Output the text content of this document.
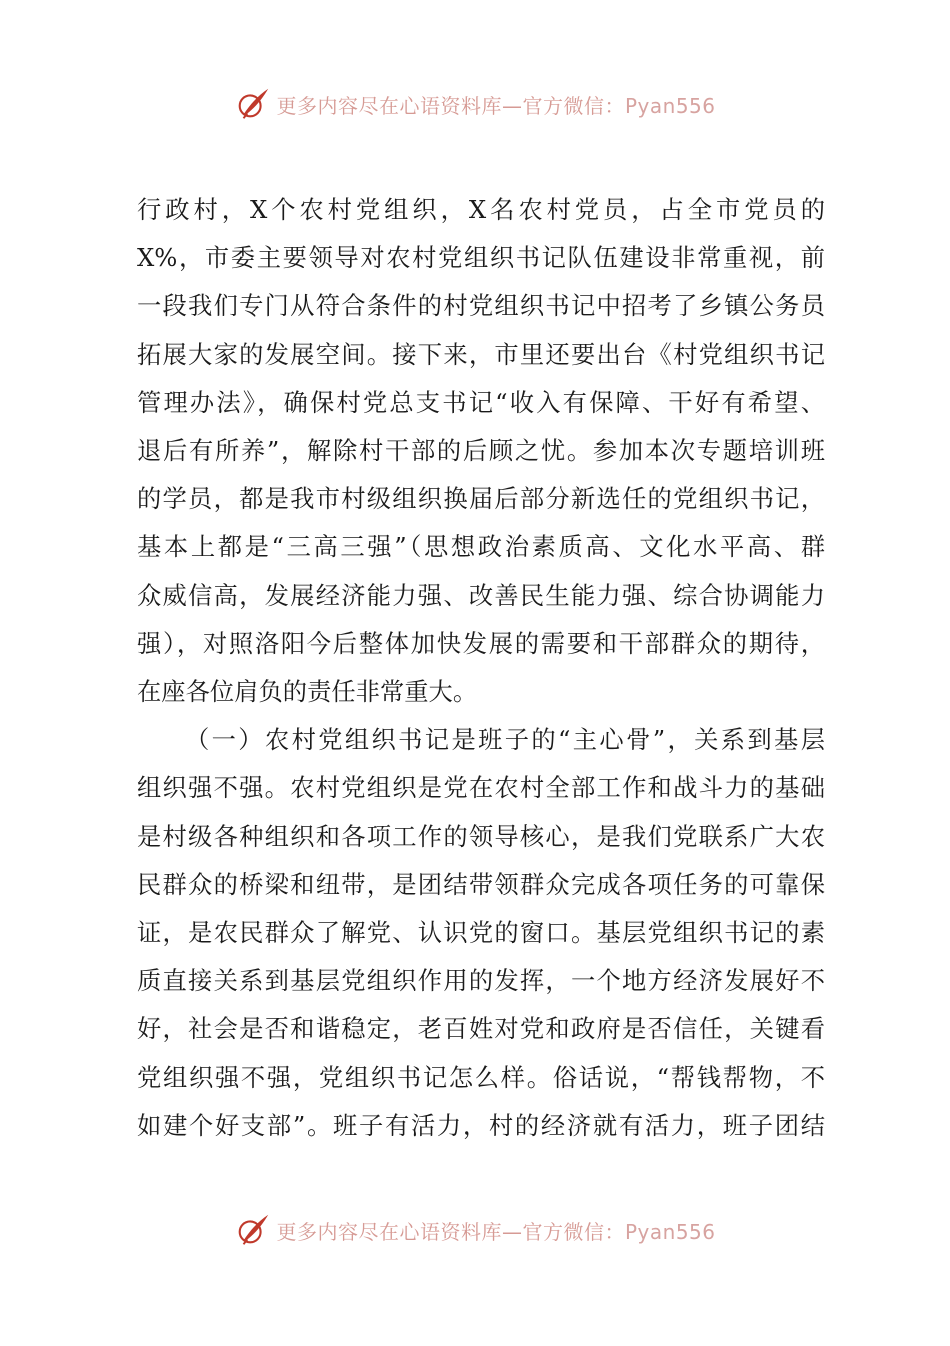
更多内容尽在心语资料库—官方微信：Pyan556

行政村，X个农村党组织，X名农村党员，占全市党员的
X%，市委主要领导对农村党组织书记队伍建设非常重视，前
一段我们专门从符合条件的村党组织书记中招考了乡镇公务员
拓展大家的发展空间。接下来，市里还要出台《村党组织书记
管理办法》，确保村党总支书记“收入有保障、干好有希望、
退后有所养”，解除村干部的后顾之忧。参加本次专题培训班
的学员，都是我市村级组织换届后部分新选任的党组织书记，
基本上都是“三高三强”（思想政治素质高、文化水平高、群
众威信高，发展经济能力强、改善民生能力强、综合协调能力
强），对照洛阳今后整体加快发展的需要和干部群众的期待，

在座各位肩负的责任非常重大。

（一）农村党组织书记是班子的“主心骨”，关系到基层
组织强不强。农村党组织是党在农村全部工作和战斗力的基础
是村级各种组织和各项工作的领导核心，是我们党联系广大农
民群众的桥梁和纽带，是团结带领群众完成各项任务的可靠保
证，是农民群众了解党、认识党的窗口。基层党组织书记的素
质直接关系到基层党组织作用的发挥，一个地方经济发展好不
好，社会是否和谐稳定，老百姓对党和政府是否信任，关键看
党组织强不强，党组织书记怎么样。俗话说，“帮钱帮物，不
如建个好支部”。班子有活力，村的经济就有活力，班子团结

更多内容尽在心语资料库—官方微信：Pyan556
